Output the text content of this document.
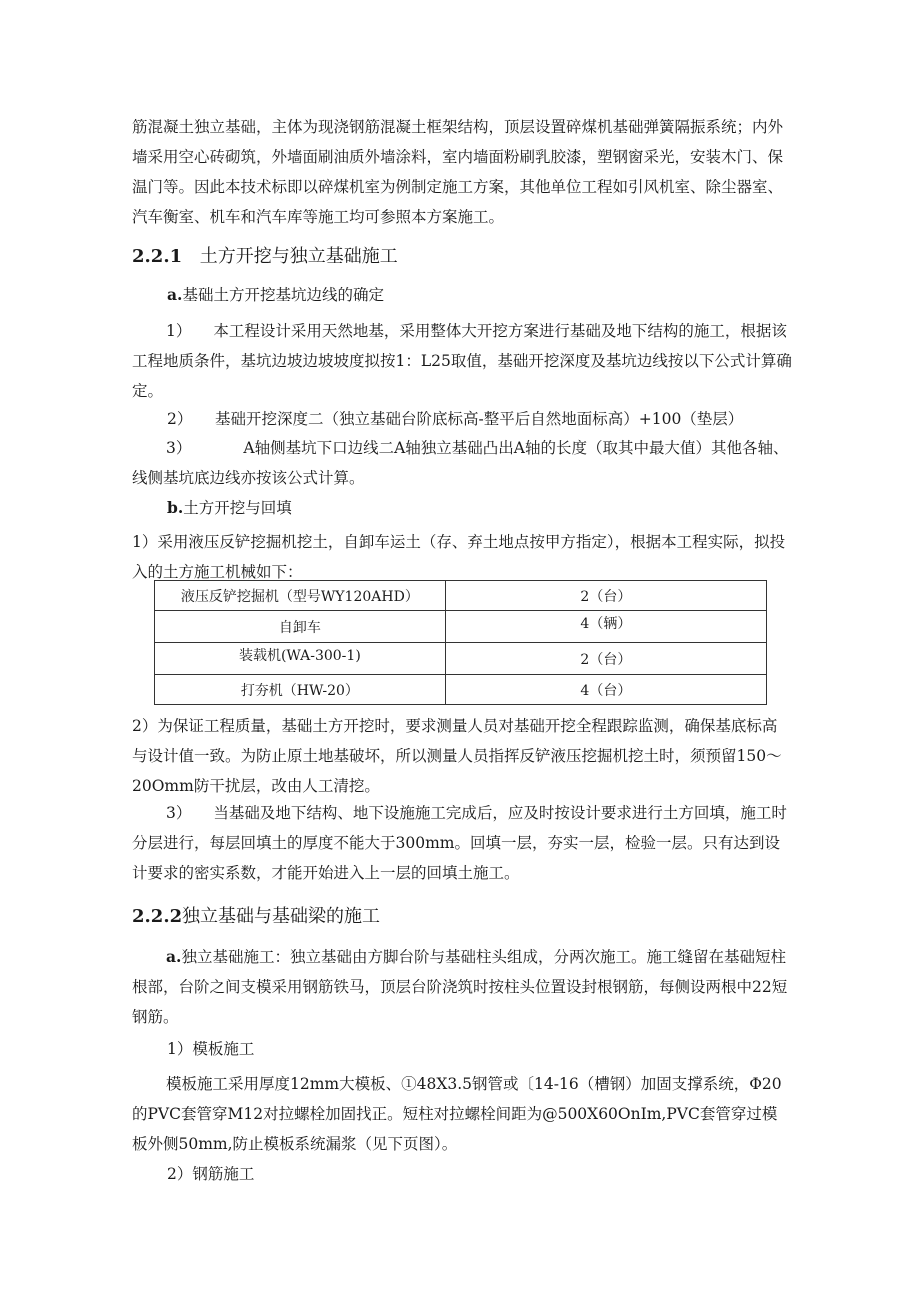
筋混凝土独立基础，主体为现浇钢筋混凝土框架结构，顶层设置碎煤机基础弹簧隔振系统；内外墙采用空心砖砌筑，外墙面刷油质外墙涂料，室内墙面粉刷乳胶漆，塑钢窗采光，安装木门、保温门等。因此本技术标即以碎煤机室为例制定施工方案，其他单位工程如引风机室、除尘器室、汽车衡室、机车和汽车库等施工均可参照本方案施工。

2.2.1 土方开挖与独立基础施工
a.基础土方开挖基坑边线的确定

1） 本工程设计采用天然地基，采用整体大开挖方案进行基础及地下结构的施工，根据该工程地质条件，基坑边坡边坡坡度拟按1：L25取值，基础开挖深度及基坑边线按以下公式计算确定。

2） 基础开挖深度二（独立基础台阶底标高-整平后自然地面标高）+100（垫层）

3）	A轴侧基坑下口边线二A轴独立基础凸出A轴的长度（取其中最大值）其他各轴、线侧基坑底边线亦按该公式计算。

b.土方开挖与回填

1）采用液压反铲挖掘机挖土，自卸车运土（存、弃土地点按甲方指定），根据本工程实际，拟投入的土方施工机械如下：

液压反铲挖掘机（型号WY120AHD）	2（台）
自卸车	4（辆）
装载机(WA-300-1)	2（台）
打夯机（HW-20）	4（台）

2）为保证工程质量，基础土方开挖时，要求测量人员对基础开挖全程跟踪监测，确保基底标高与设计值一致。为防止原土地基破坏，所以测量人员指挥反铲液压挖掘机挖土时，须预留150～20Omm防干扰层，改由人工清挖。

3） 当基础及地下结构、地下设施施工完成后，应及时按设计要求进行土方回填，施工时分层进行，每层回填土的厚度不能大于300mm。回填一层，夯实一层，检验一层。只有达到设计要求的密实系数，才能开始进入上一层的回填土施工。

2.2.2独立基础与基础梁的施工

a.独立基础施工：独立基础由方脚台阶与基础柱头组成，分两次施工。施工缝留在基础短柱根部，台阶之间支模采用钢筋铁马，顶层台阶浇筑时按柱头位置设封根钢筋，每侧设两根中22短钢筋。

1）模板施工

模板施工采用厚度12mm大模板、①48X3.5钢管或〔14-16（槽钢）加固支撑系统，Φ20的PVC套管穿M12对拉螺栓加固找正。短柱对拉螺栓间距为@500X60OnIm,PVC套管穿过模板外侧50mm,防止模板系统漏浆（见下页图）。

2）钢筋施工
